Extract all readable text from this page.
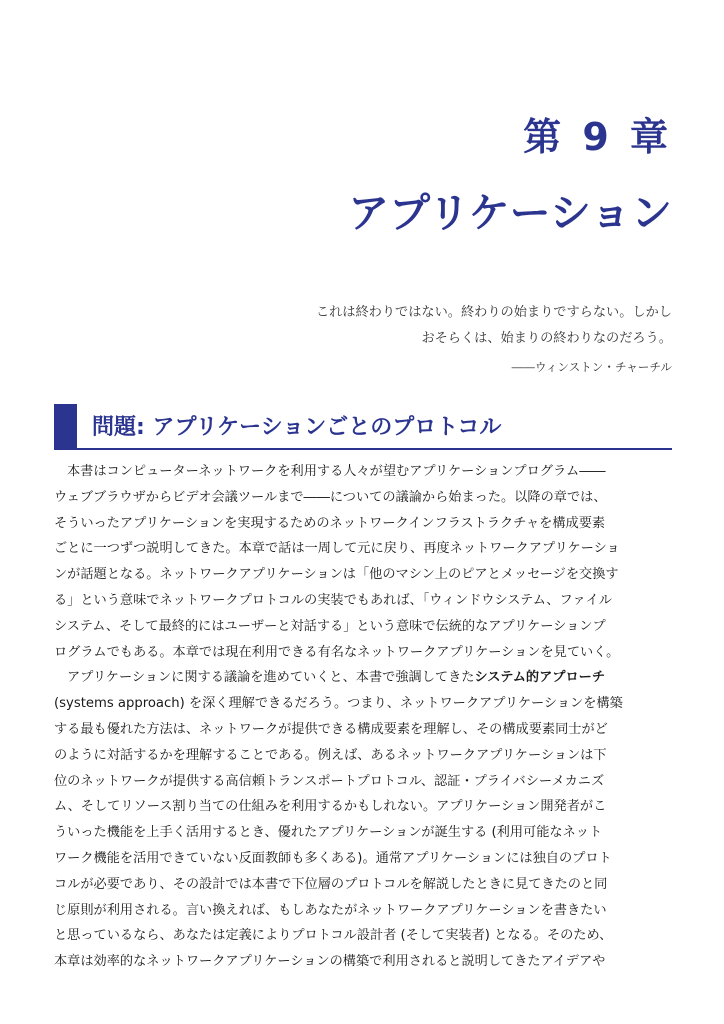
第 9 章
アプリケーション

これは終わりではない。終わりの始まりですらない。しかし

おそらくは、始まりの終わりなのだろう。

――ウィンストン・チャーチル

問題: アプリケーションごとのプロトコル
本書はコンピューターネットワークを利用する人々が望むアプリケーションプログラム――
ウェブブラウザからビデオ会議ツールまで――についての議論から始まった。以降の章では、
そういったアプリケーションを実現するためのネットワークインフラストラクチャを構成要素
ごとに一つずつ説明してきた。本章で話は一周して元に戻り、再度ネットワークアプリケーショ
ンが話題となる。ネットワークアプリケーションは「他のマシン上のピアとメッセージを交換す
る」という意味でネットワークプロトコルの実装でもあれば、「ウィンドウシステム、ファイル
システム、そして最終的にはユーザーと対話する」という意味で伝統的なアプリケーションプ
ログラムでもある。本章では現在利用できる有名なネットワークアプリケーションを見ていく。
アプリケーションに関する議論を進めていくと、本書で強調してきたシステム的アプローチ
(systems approach) を深く理解できるだろう。つまり、ネットワークアプリケーションを構築
する最も優れた方法は、ネットワークが提供できる構成要素を理解し、その構成要素同士がど
のように対話するかを理解することである。例えば、あるネットワークアプリケーションは下
位のネットワークが提供する高信頼トランスポートプロトコル、認証・プライバシーメカニズ
ム、そしてリソース割り当ての仕組みを利用するかもしれない。アプリケーション開発者がこ
ういった機能を上手く活用するとき、優れたアプリケーションが誕生する (利用可能なネット
ワーク機能を活用できていない反面教師も多くある)。通常アプリケーションには独自のプロト
コルが必要であり、その設計では本書で下位層のプロトコルを解説したときに見てきたのと同
じ原則が利用される。言い換えれば、もしあなたがネットワークアプリケーションを書きたい
と思っているなら、あなたは定義によりプロトコル設計者 (そして実装者) となる。そのため、
本章は効率的なネットワークアプリケーションの構築で利用されると説明してきたアイデアや
